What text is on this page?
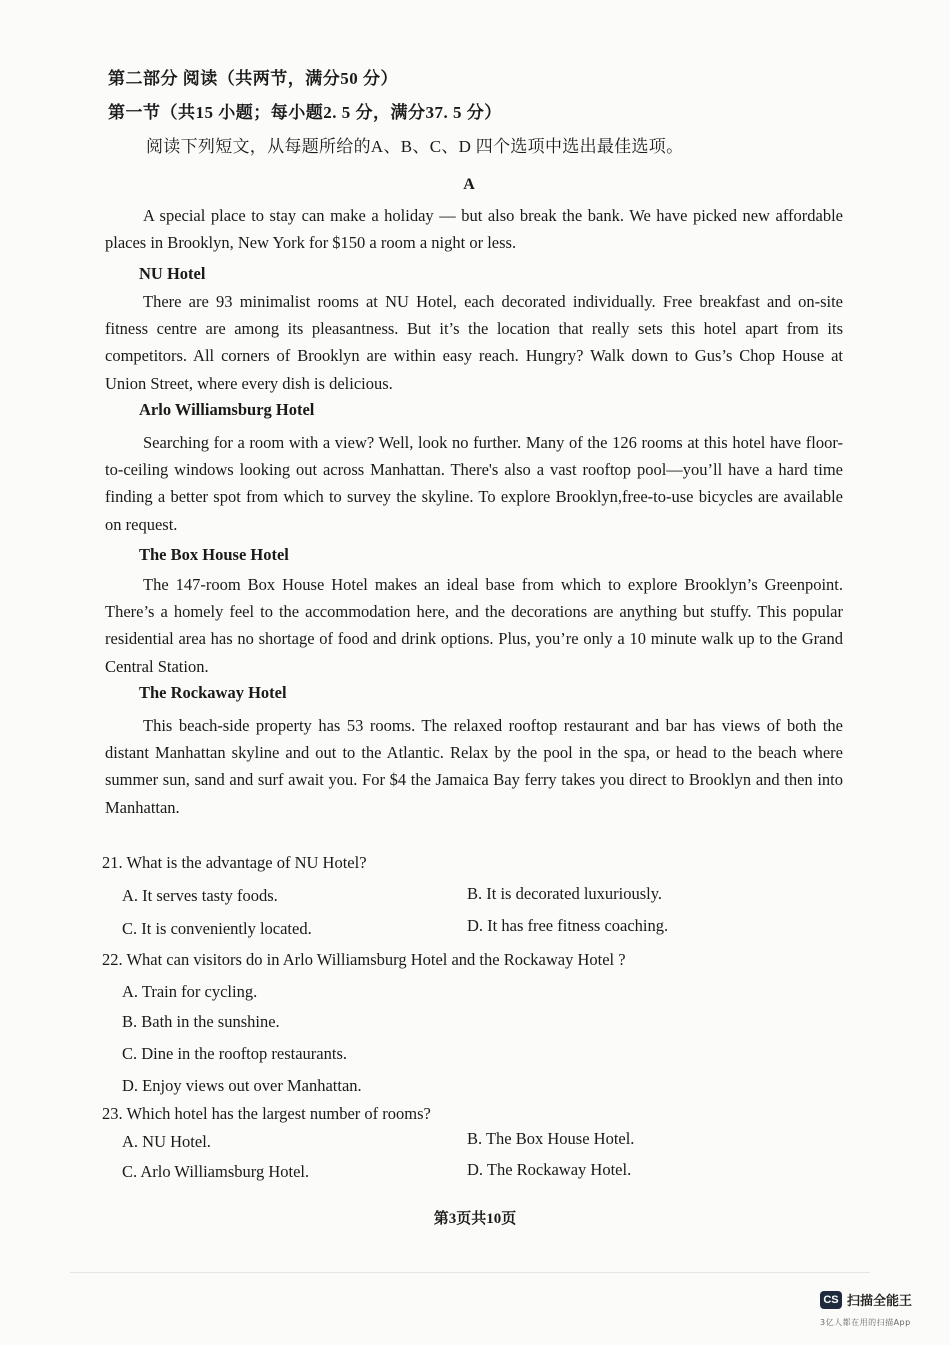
第二部分 阅读（共两节，满分50 分）
第一节（共15 小题；每小题2. 5 分，满分37. 5 分）
阅读下列短文，从每题所给的A、B、C、D 四个选项中选出最佳选项。
A
A special place to stay can make a holiday — but also break the bank. We have picked new affordable places in Brooklyn, New York for $150 a room a night or less.
NU Hotel
There are 93 minimalist rooms at NU Hotel, each decorated individually. Free breakfast and on-site fitness centre are among its pleasantness. But it’s the location that really sets this hotel apart from its competitors. All corners of Brooklyn are within easy reach. Hungry? Walk down to Gus’s Chop House at Union Street, where every dish is delicious.
Arlo Williamsburg Hotel
Searching for a room with a view? Well, look no further. Many of the 126 rooms at this hotel have floor-to-ceiling windows looking out across Manhattan. There's also a vast rooftop pool—you’ll have a hard time finding a better spot from which to survey the skyline. To explore Brooklyn,free-to-use bicycles are available on request.
The Box House Hotel
The 147-room Box House Hotel makes an ideal base from which to explore Brooklyn’s Greenpoint. There’s a homely feel to the accommodation here, and the decorations are anything but stuffy. This popular residential area has no shortage of food and drink options. Plus, you’re only a 10 minute walk up to the Grand Central Station.
The Rockaway Hotel
This beach-side property has 53 rooms. The relaxed rooftop restaurant and bar has views of both the distant Manhattan skyline and out to the Atlantic. Relax by the pool in the spa, or head to the beach where summer sun, sand and surf await you. For $4 the Jamaica Bay ferry takes you direct to Brooklyn and then into Manhattan.
21. What is the advantage of NU Hotel?
A. It serves tasty foods.	B. It is decorated luxuriously.
C. It is conveniently located.	D. It has free fitness coaching.
22. What can visitors do in Arlo Williamsburg Hotel and the Rockaway Hotel ?
A. Train for cycling.
B. Bath in the sunshine.
C. Dine in the rooftop restaurants.
D. Enjoy views out over Manhattan.
23. Which hotel has the largest number of rooms?
A. NU Hotel.	B. The Box House Hotel.
C. Arlo Williamsburg Hotel.	D. The Rockaway Hotel.
第3页共10页
CS 扫描全能王
3亿人都在用的扫描App
